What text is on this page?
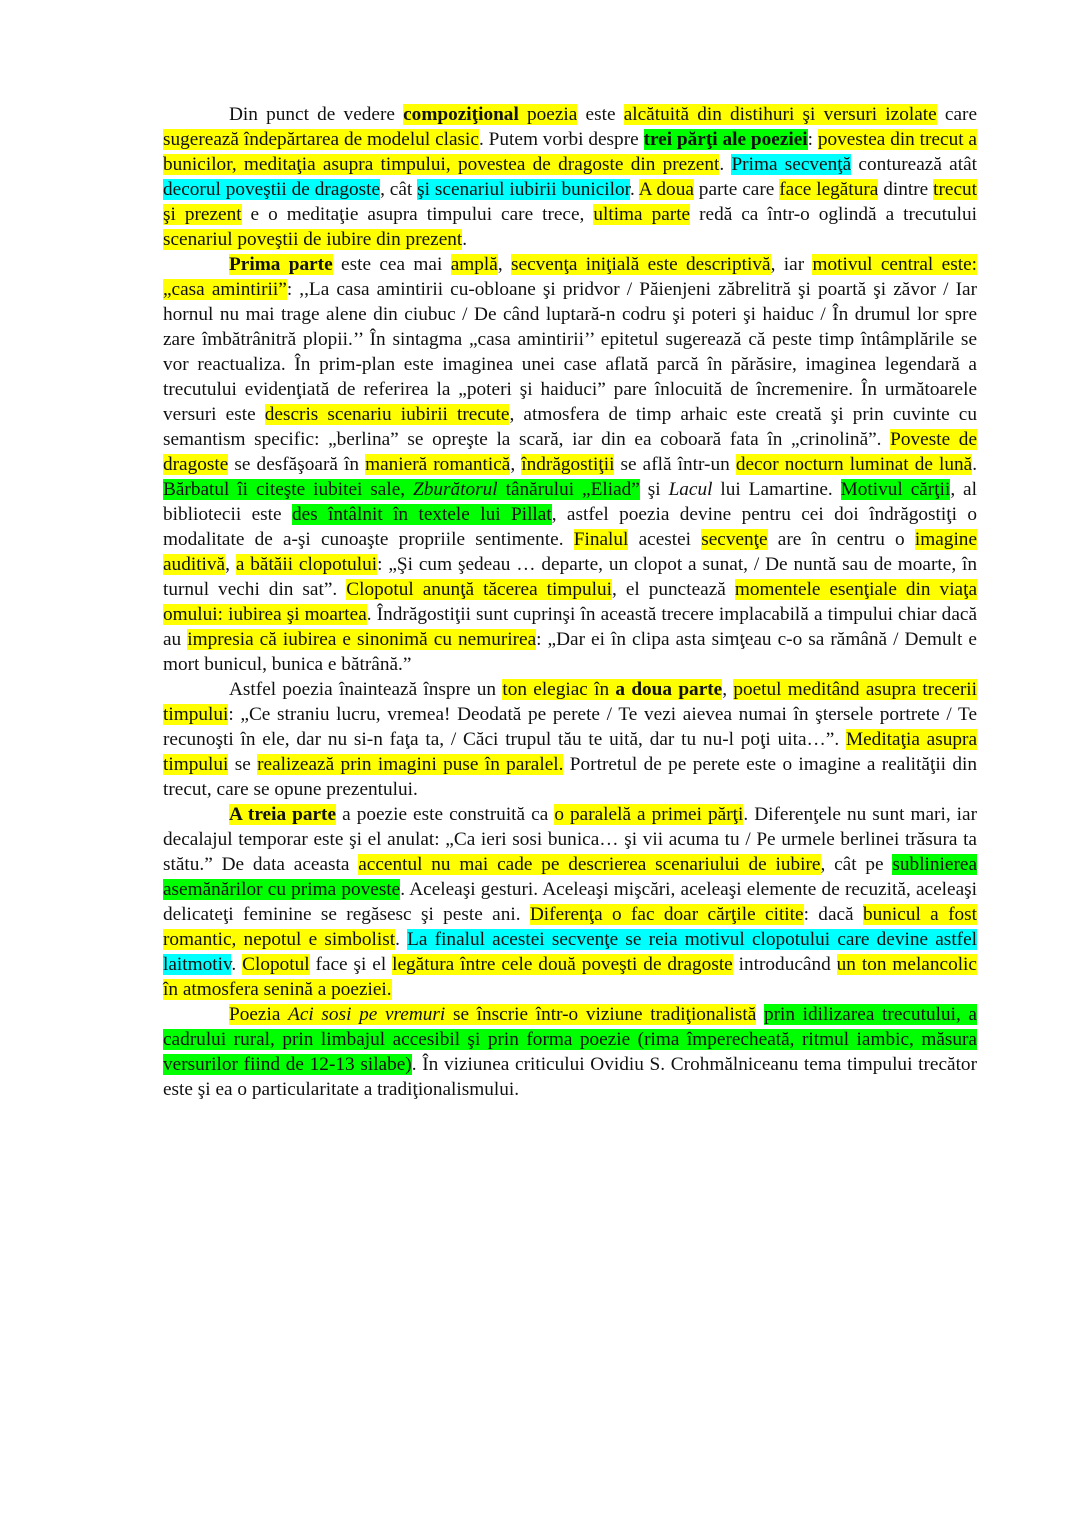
Din punct de vedere compoziţional poezia este alcătuită din distihuri şi versuri izolate care sugerează îndepărtarea de modelul clasic. Putem vorbi despre trei părţi ale poeziei: povestea din trecut a bunicilor, meditaţia asupra timpului, povestea de dragoste din prezent. Prima secvenţă conturează atât decorul poveştii de dragoste, cât şi scenariul iubirii bunicilor. A doua parte care face legătura dintre trecut şi prezent e o meditaţie asupra timpului care trece, ultima parte redă ca într-o oglindă a trecutului scenariul poveştii de iubire din prezent.

Prima parte este cea mai amplă, secvenţa iniţială este descriptivă, iar motivul central este: „casa amintirii”: ,,La casa amintirii cu-obloane şi pridvor / Păienjeni zăbrelitră şi poartă şi zăvor / Iar hornul nu mai trage alene din ciubuc / De când luptară-n codru şi poteri şi haiduc / În drumul lor spre zare îmbătrânitră plopii.’’ În sintagma „casa amintirii’’ epitetul sugerează că peste timp întâmplările se vor reactualiza. În prim-plan este imaginea unei case aflată parcă în părăsire, imaginea legendară a trecutului evidenţiată de referirea la „poteri şi haiduci” pare înlocuită de încremenire. În următoarele versuri este descris scenariu iubirii trecute, atmosfera de timp arhaic este creată şi prin cuvinte cu semantism specific: „berlina” se opreşte la scară, iar din ea coboară fata în „crinolină”. Poveste de dragoste se desfăşoară în manieră romantică, îndrăgostiţii se află într-un decor nocturn luminat de lună. Bărbatul îi citeşte iubitei sale, Zburătorul tânărului „Eliad” şi Lacul lui Lamartine. Motivul cărţii, al bibliotecii este des întâlnit în textele lui Pillat, astfel poezia devine pentru cei doi îndrăgostiţi o modalitate de a-şi cunoaşte propriile sentimente. Finalul acestei secvenţe are în centru o imagine auditivă, a bătăii clopotului: „Şi cum şedeau … departe, un clopot a sunat, / De nuntă sau de moarte, în turnul vechi din sat”. Clopotul anunţă tăcerea timpului, el punctează momentele esenţiale din viaţa omului: iubirea şi moartea. Îndrăgostiţii sunt cuprinşi în această trecere implacabilă a timpului chiar dacă au impresia că iubirea e sinonimă cu nemurirea: „Dar ei în clipa asta simţeau c-o sa rămână / Demult e mort bunicul, bunica e bătrână.”

Astfel poezia înaintează înspre un ton elegiac în a doua parte, poetul meditând asupra trecerii timpului: „Ce straniu lucru, vremea! Deodată pe perete / Te vezi aievea numai în ştersele portrete / Te recunoşti în ele, dar nu si-n faţa ta, / Căci trupul tău te uită, dar tu nu-l poţi uita…”. Meditaţia asupra timpului se realizează prin imagini puse în paralel. Portretul de pe perete este o imagine a realităţii din trecut, care se opune prezentului.

A treia parte a poezie este construită ca o paralelă a primei părţi. Diferenţele nu sunt mari, iar decalajul temporar este şi el anulat: „Ca ieri sosi bunica… şi vii acuma tu / Pe urmele berlinei trăsura ta stătu.” De data aceasta accentul nu mai cade pe descrierea scenariului de iubire, cât pe sublinierea asemănărilor cu prima poveste. Aceleaşi gesturi. Aceleaşi mişcări, aceleaşi elemente de recuzită, aceleaşi delicateţi feminine se regăsesc şi peste ani. Diferenţa o fac doar cărţile citite: dacă bunicul a fost romantic, nepotul e simbolist. La finalul acestei secvenţe se reia motivul clopotului care devine astfel laitmotiv. Clopotul face şi el legătura între cele două poveşti de dragoste introducând un ton melancolic în atmosfera senină a poeziei.

Poezia Aci sosi pe vremuri se înscrie într-o viziune tradiţionalistă prin idilizarea trecutului, a cadrului rural, prin limbajul accesibil şi prin forma poezie (rima împerecheată, ritmul iambic, măsura versurilor fiind de 12-13 silabe). În viziunea criticului Ovidiu S. Crohmălniceanu tema timpului trecător este şi ea o particularitate a tradiţionalismului.
